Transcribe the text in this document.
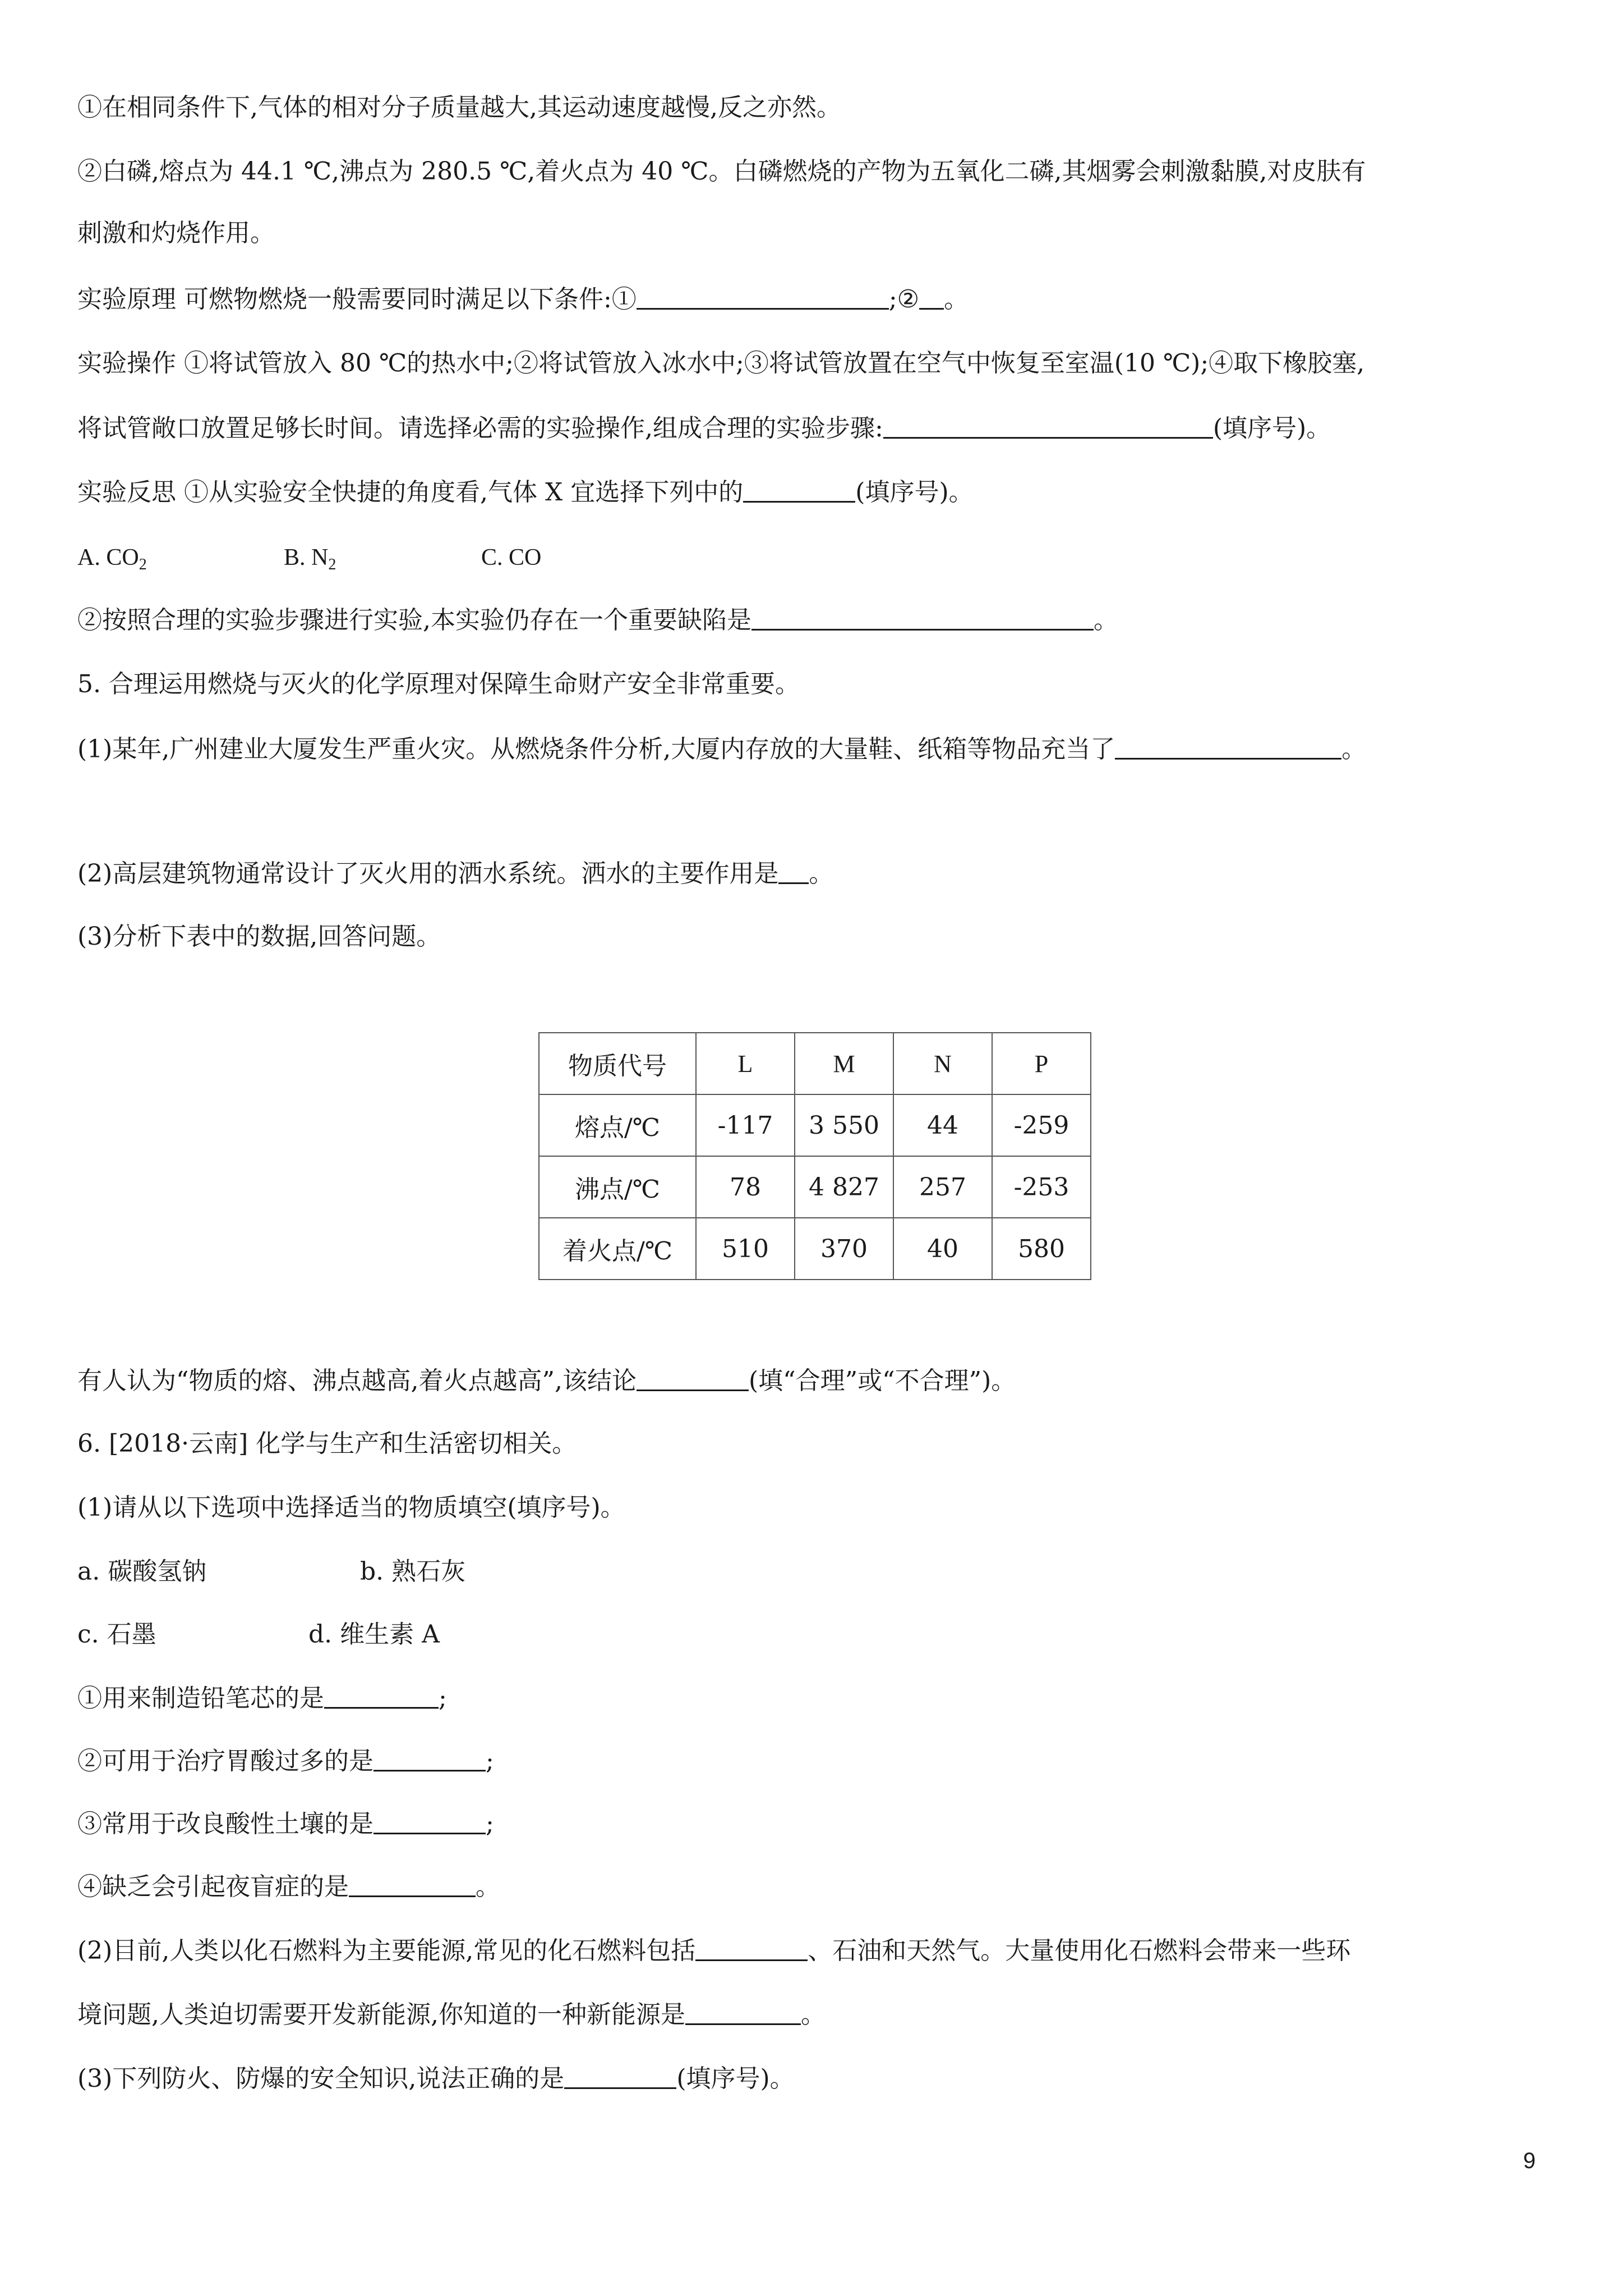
①在相同条件下,气体的相对分子质量越大,其运动速度越慢,反之亦然。
②白磷,熔点为 44.1 ℃,沸点为 280.5 ℃,着火点为 40 ℃。白磷燃烧的产物为五氧化二磷,其烟雾会刺激黏膜,对皮肤有
刺激和灼烧作用。
实验原理 可燃物燃烧一般需要同时满足以下条件:①	;② 。
实验操作 ①将试管放入 80 ℃的热水中;②将试管放入冰水中;③将试管放置在空气中恢复至室温(10 ℃);④取下橡胶塞,
将试管敞口放置足够长时间。请选择必需的实验操作,组成合理的实验步骤:	(填序号)。
实验反思 ①从实验安全快捷的角度看,气体 X 宜选择下列中的	(填序号)。
A. $CO_2$	B. $N_2$	C. CO
②按照合理的实验步骤进行实验,本实验仍存在一个重要缺陷是	。
5. 合理运用燃烧与灭火的化学原理对保障生命财产安全非常重要。
(1)某年,广州建业大厦发生严重火灾。从燃烧条件分析,大厦内存放的大量鞋、纸箱等物品充当了	。
(2)高层建筑物通常设计了灭火用的洒水系统。洒水的主要作用是 。
(3)分析下表中的数据,回答问题。
物质代号	L	M	N	P
熔点/℃	-117	3 550	44	-259
沸点/℃	78	4 827	257	-253
着火点/℃	510	370	40	580
有人认为“物质的熔、沸点越高,着火点越高”,该结论	(填“合理”或“不合理”)。
6. [2018·云南] 化学与生产和生活密切相关。
(1)请从以下选项中选择适当的物质填空(填序号)。
a. 碳酸氢钠	b. 熟石灰
c. 石墨	d. 维生素 A
①用来制造铅笔芯的是	;
②可用于治疗胃酸过多的是	;
③常用于改良酸性土壤的是	;
④缺乏会引起夜盲症的是	。
(2)目前,人类以化石燃料为主要能源,常见的化石燃料包括	、石油和天然气。大量使用化石燃料会带来一些环
境问题,人类迫切需要开发新能源,你知道的一种新能源是	。
(3)下列防火、防爆的安全知识,说法正确的是	(填序号)。
9
